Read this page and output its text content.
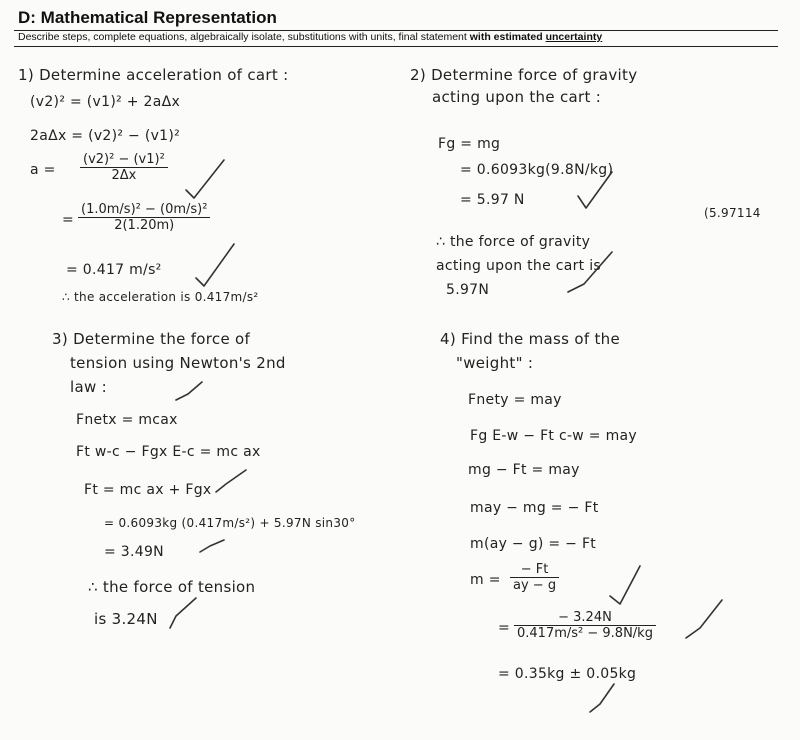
D: Mathematical Representation
Describe steps, complete equations, algebraically isolate, substitutions with units, final statement with estimated uncertainty
1) Determine acceleration of cart :
(v2)² = (v1)² + 2aΔx
2aΔx = (v2)² − (v1)²
$a = \frac{\text{(v2)² − (v1)²}}{2\Delta x}$
= $\frac{\text{(1.0m/s)² − (0m/s)²}}{2(1.20m)}$
= 0.417 m/s²
∴ the acceleration is 0.417m/s²
2) Determine force of gravity
acting upon the cart :
Fg = mg
= 0.6093kg(9.8N/kg)
= 5.97 N
(5.97114
∴ the force of gravity
acting upon the cart is
5.97N
3) Determine the force of
tension using Newton's 2nd
law :
Fnetx = mcax
Ft w-c − Fgx E-c = mc ax
Ft = mc ax + Fgx
= 0.6093kg (0.417m/s²) + 5.97N sin30°
= 3.49N
∴ the force of tension
is 3.24N
4) Find the mass of the
"weight" :
Fnety = may
Fg E-w − Ft c-w = may
mg − Ft = may
may − mg = − Ft
m(ay − g) = − Ft
$m = \frac{- Ft}{ay - g}$
= $\frac{- 3.24N}{\text{0.417m/s² − 9.8N/kg}}$
= 0.35kg ± 0.05kg
